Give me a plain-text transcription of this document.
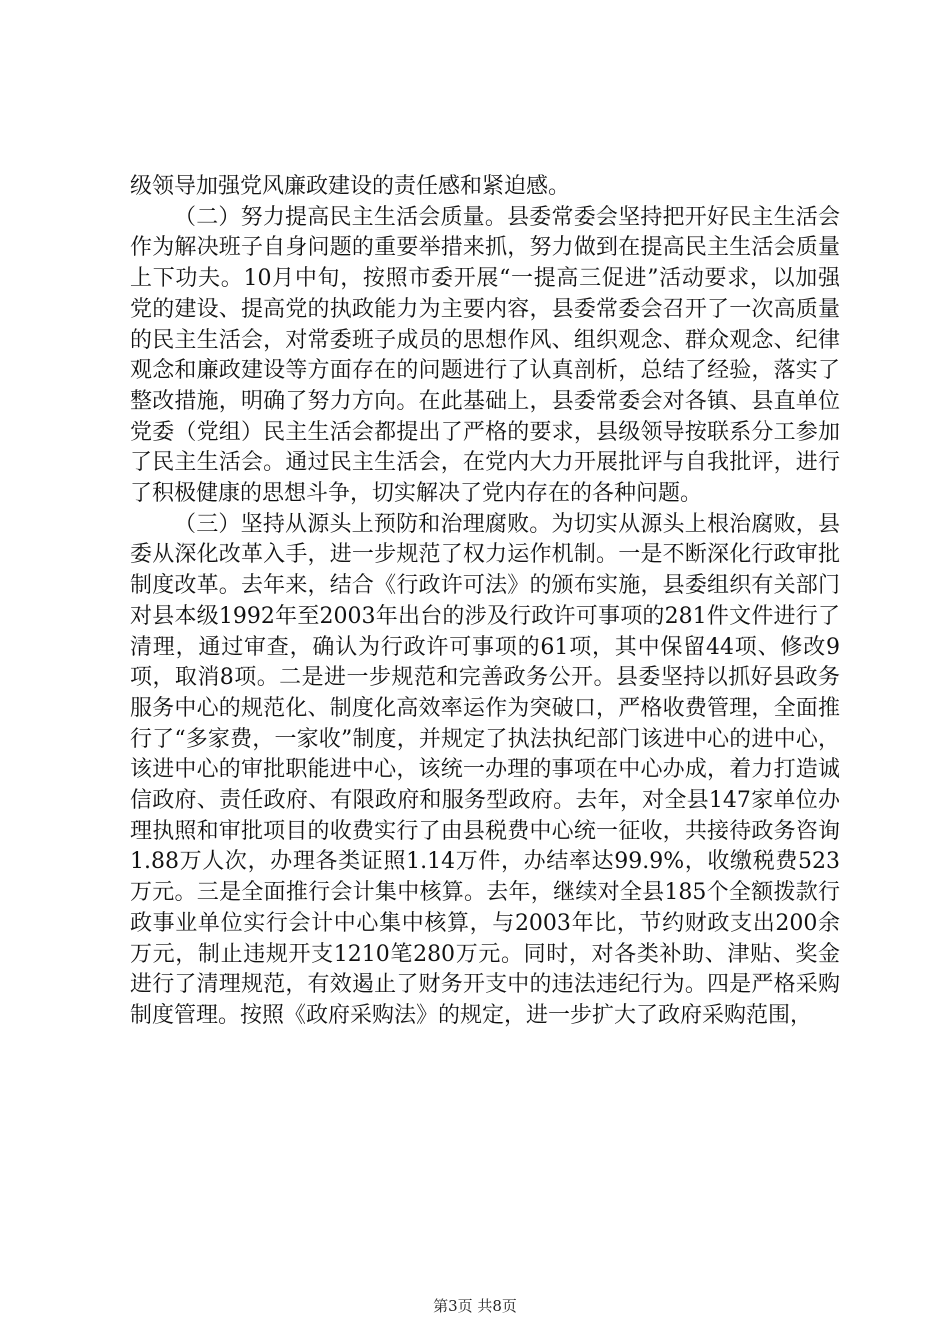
级领导加强党风廉政建设的责任感和紧迫感。

（二）努力提高民主生活会质量。县委常委会坚持把开好民主生活会作为解决班子自身问题的重要举措来抓，努力做到在提高民主生活会质量上下功夫。10月中旬，按照市委开展“一提高三促进”活动要求，以加强党的建设、提高党的执政能力为主要内容，县委常委会召开了一次高质量的民主生活会，对常委班子成员的思想作风、组织观念、群众观念、纪律观念和廉政建设等方面存在的问题进行了认真剖析，总结了经验，落实了整改措施，明确了努力方向。在此基础上，县委常委会对各镇、县直单位党委（党组）民主生活会都提出了严格的要求，县级领导按联系分工参加了民主生活会。通过民主生活会，在党内大力开展批评与自我批评，进行了积极健康的思想斗争，切实解决了党内存在的各种问题。

（三）坚持从源头上预防和治理腐败。为切实从源头上根治腐败，县委从深化改革入手，进一步规范了权力运作机制。一是不断深化行政审批制度改革。去年来，结合《行政许可法》的颁布实施，县委组织有关部门对县本级1992年至2003年出台的涉及行政许可事项的281件文件进行了清理，通过审查，确认为行政许可事项的61项，其中保留44项、修改9项，取消8项。二是进一步规范和完善政务公开。县委坚持以抓好县政务服务中心的规范化、制度化高效率运作为突破口，严格收费管理，全面推行了“多家费，一家收”制度，并规定了执法执纪部门该进中心的进中心，该进中心的审批职能进中心，该统一办理的事项在中心办成，着力打造诚信政府、责任政府、有限政府和服务型政府。去年，对全县147家单位办理执照和审批项目的收费实行了由县税费中心统一征收，共接待政务咨询1.88万人次，办理各类证照1.14万件，办结率达99.9%，收缴税费523万元。三是全面推行会计集中核算。去年，继续对全县185个全额拨款行政事业单位实行会计中心集中核算，与2003年比，节约财政支出200余万元，制止违规开支1210笔280万元。同时，对各类补助、津贴、奖金进行了清理规范，有效遏止了财务开支中的违法违纪行为。四是严格采购制度管理。按照《政府采购法》的规定，进一步扩大了政府采购范围，

第3页 共8页
